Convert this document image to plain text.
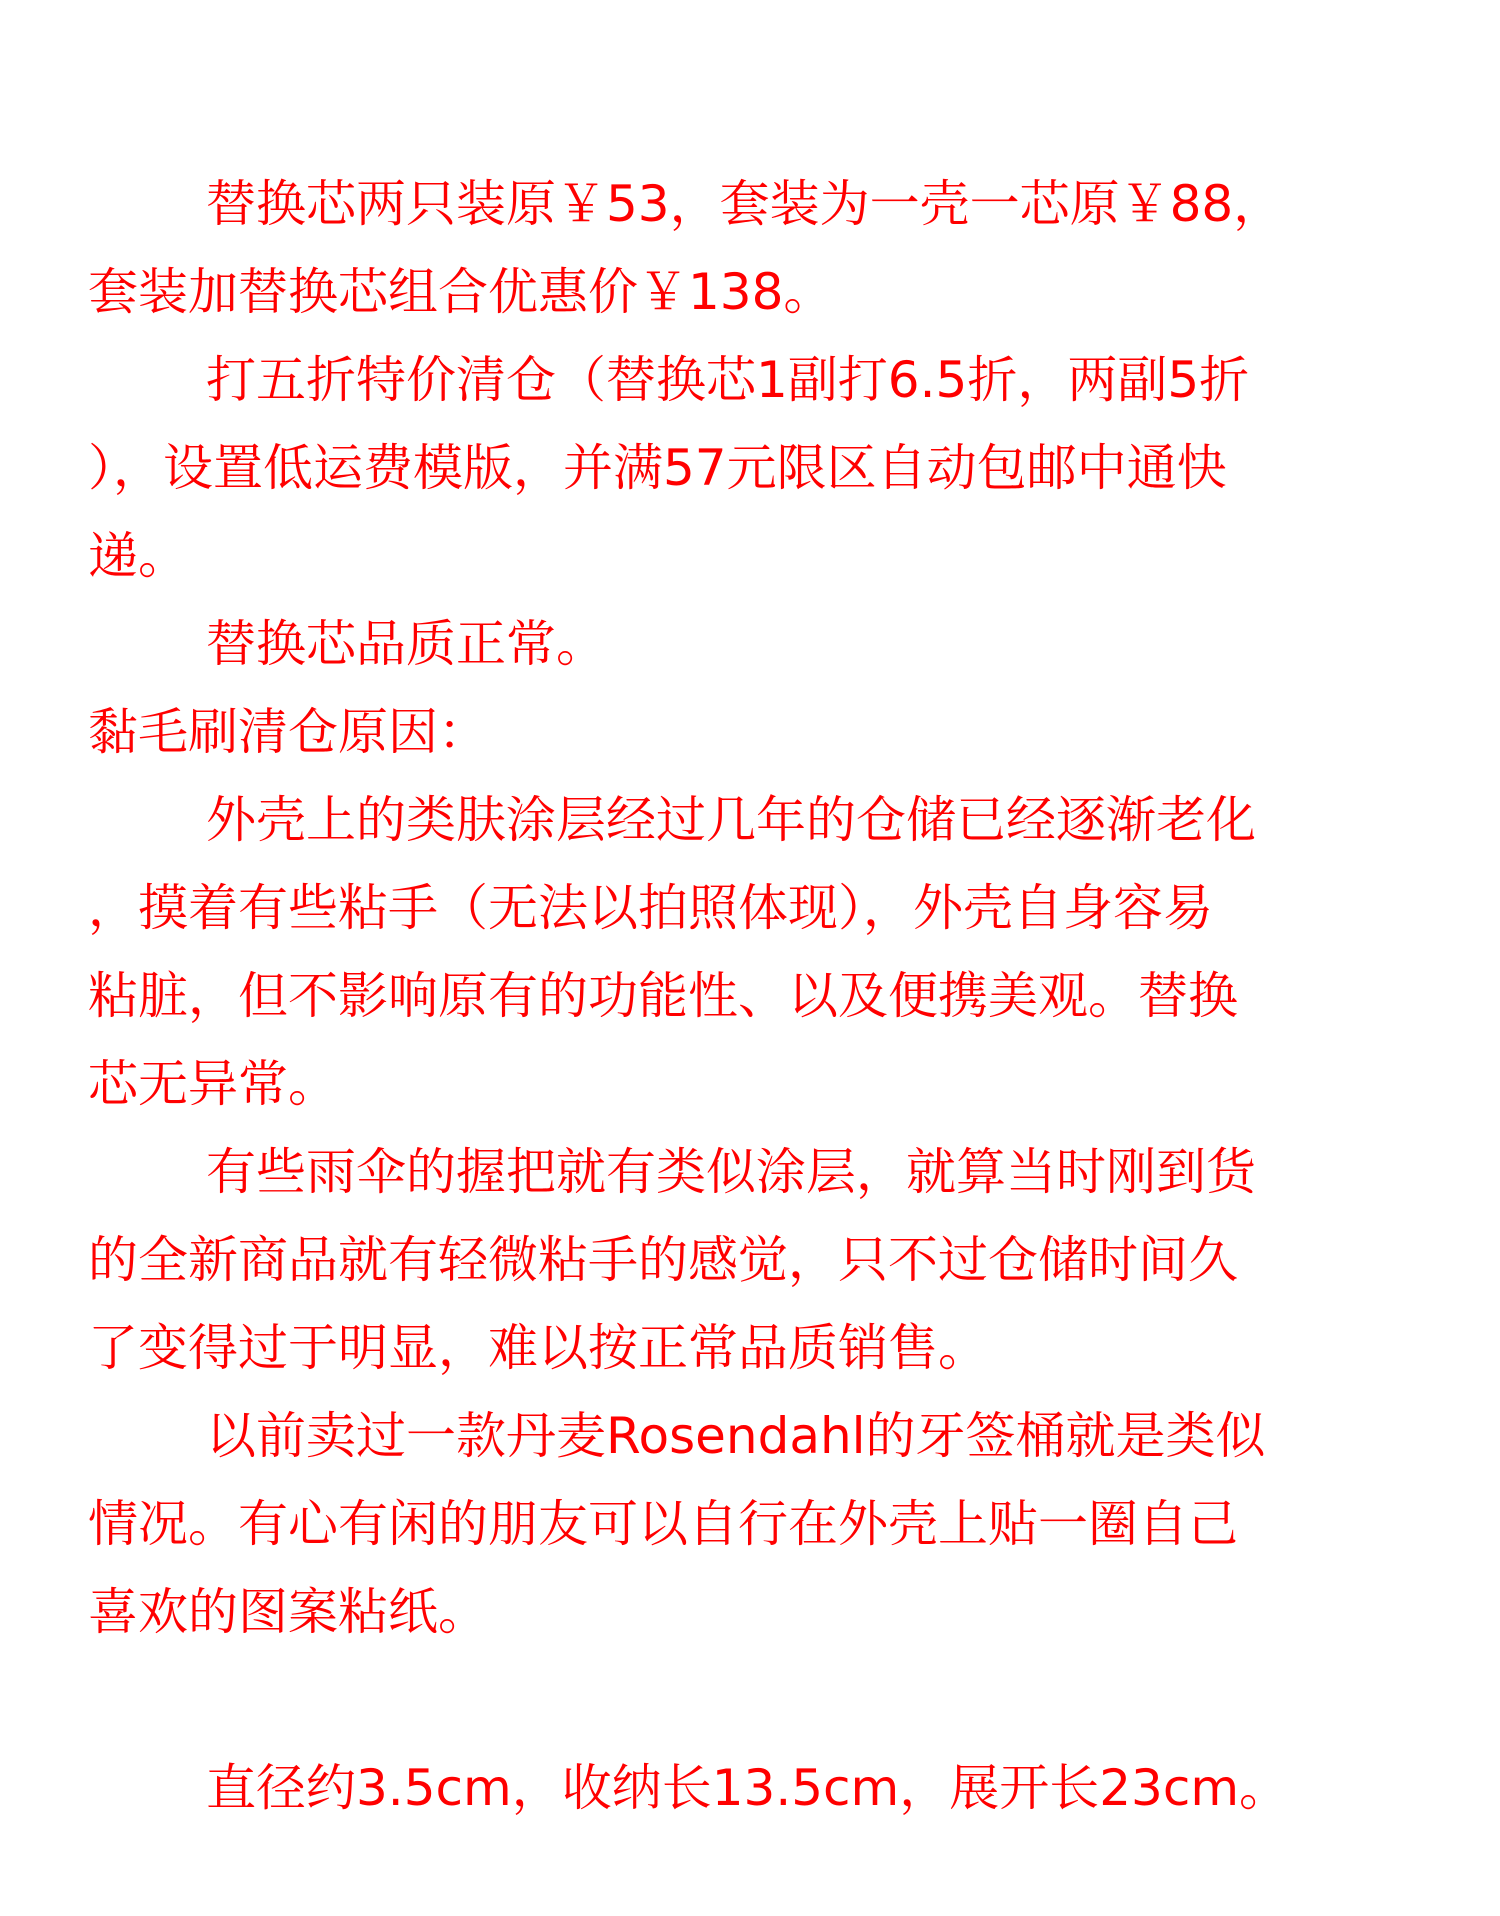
替换芯两只装原￥53，套装为一壳一芯原￥88，
套装加替换芯组合优惠价￥138。
打五折特价清仓（替换芯1副打6.5折，两副5折
），设置低运费模版，并满57元限区自动包邮中通快
递。
替换芯品质正常。
黏毛刷清仓原因：
外壳上的类肤涂层经过几年的仓储已经逐渐老化
，摸着有些粘手（无法以拍照体现），外壳自身容易
粘脏，但不影响原有的功能性、以及便携美观。替换
芯无异常。
有些雨伞的握把就有类似涂层，就算当时刚到货
的全新商品就有轻微粘手的感觉，只不过仓储时间久
了变得过于明显，难以按正常品质销售。
以前卖过一款丹麦Rosendahl的牙签桶就是类似
情况。有心有闲的朋友可以自行在外壳上贴一圈自己
喜欢的图案粘纸。
直径约3.5cm，收纳长13.5cm，展开长23cm。
